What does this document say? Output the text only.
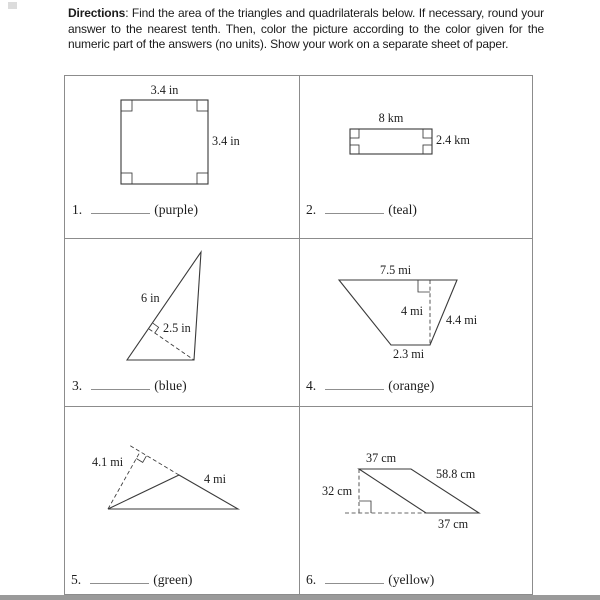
Directions: Find the area of the triangles and quadrilaterals below. If necessary, round your answer to the nearest tenth. Then, color the picture according to the color given for the numeric part of the answers (no units). Show your work on a separate sheet of paper.
3.4 in
3.4 in
1.	(purple)
8 km
2.4 km
2.	(teal)
6 in
2.5 in
3.	(blue)
7.5 mi
4 mi
4.4 mi
2.3 mi
4.	(orange)
4.1 mi
4 mi
5.	(green)
37 cm
58.8 cm
32 cm
37 cm
6.	(yellow)
